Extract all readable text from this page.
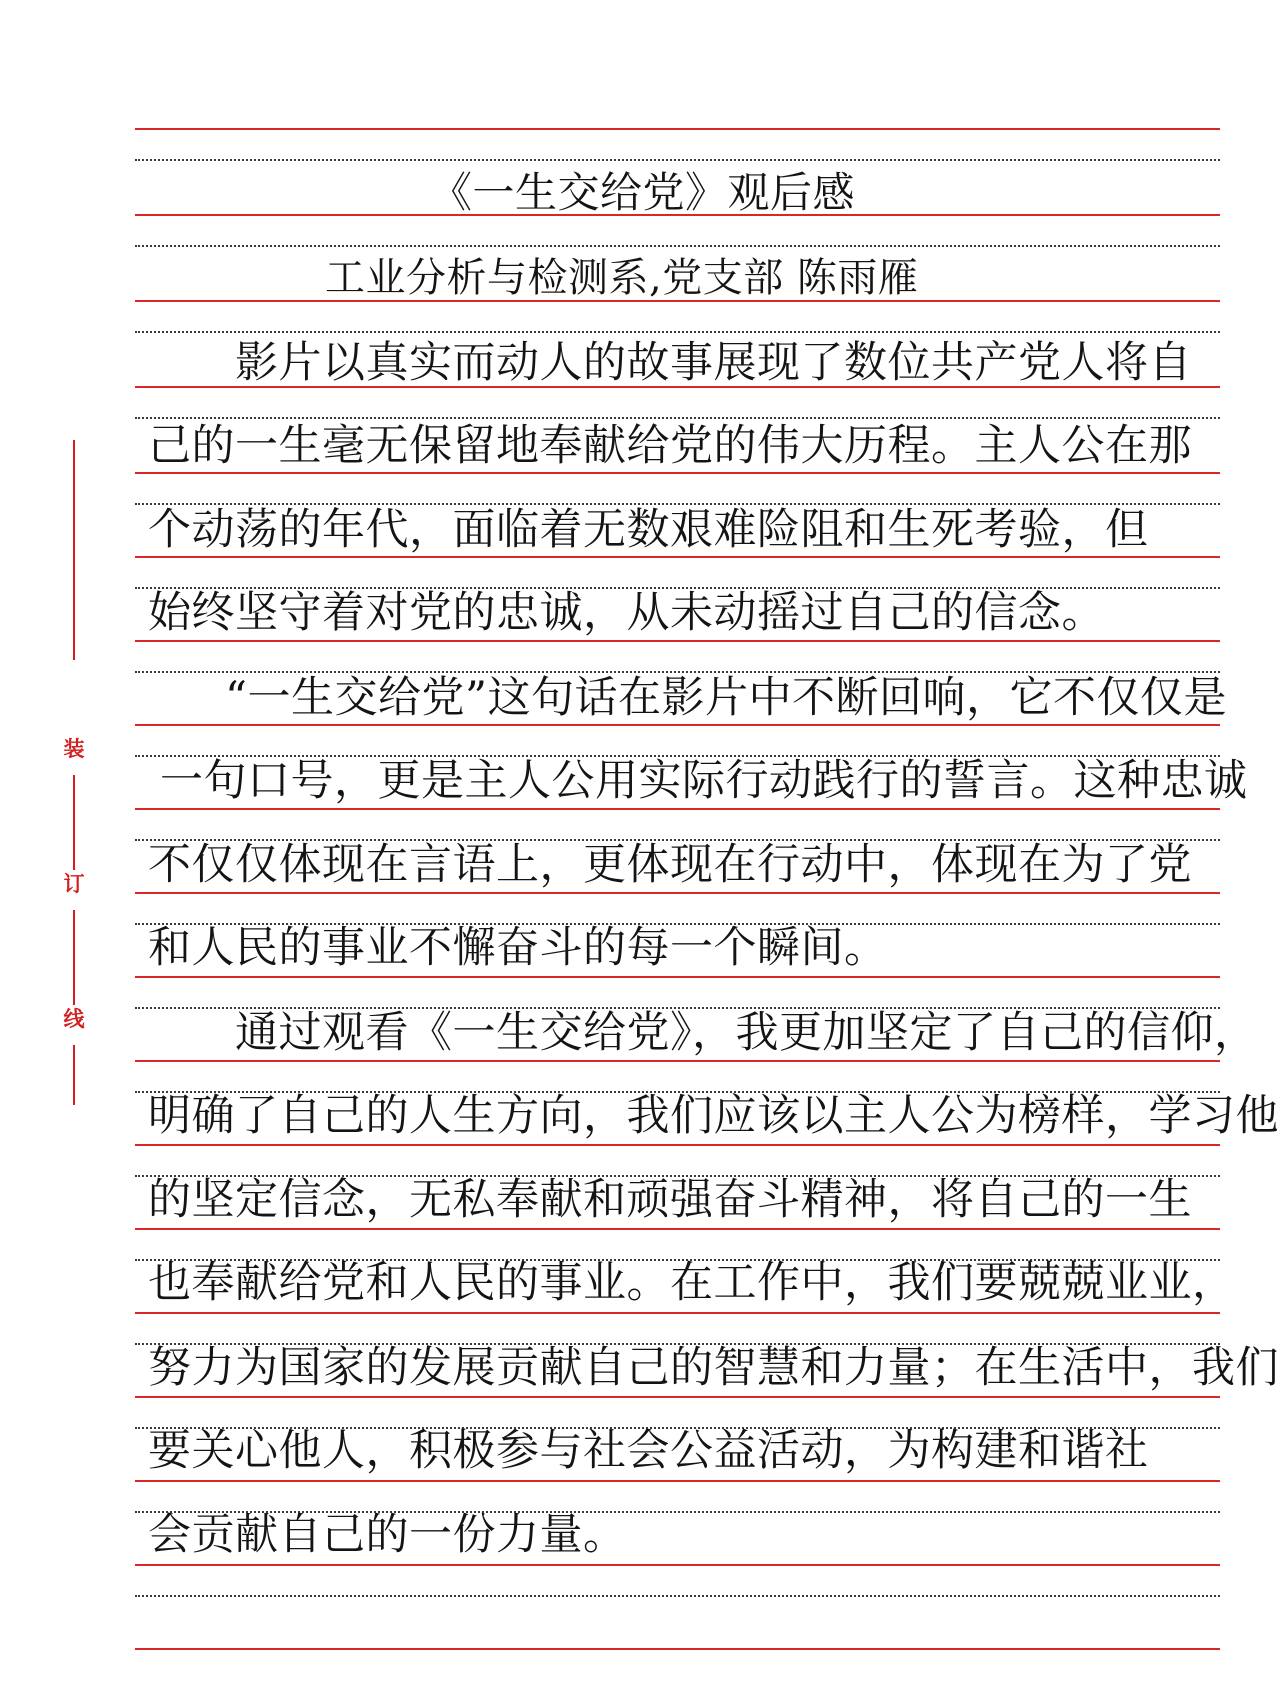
装
订
线
《一生交给党》观后感
工业分析与检测系,党支部 陈雨雁
影片以真实而动人的故事展现了数位共产党人将自
己的一生毫无保留地奉献给党的伟大历程。主人公在那
个动荡的年代，面临着无数艰难险阻和生死考验，但
始终坚守着对党的忠诚，从未动摇过自己的信念。
“一生交给党”这句话在影片中不断回响，它不仅仅是
一句口号，更是主人公用实际行动践行的誓言。这种忠诚
不仅仅体现在言语上，更体现在行动中，体现在为了党
和人民的事业不懈奋斗的每一个瞬间。
通过观看《一生交给党》，我更加坚定了自己的信仰，
明确了自己的人生方向，我们应该以主人公为榜样，学习他
的坚定信念，无私奉献和顽强奋斗精神，将自己的一生
也奉献给党和人民的事业。在工作中，我们要兢兢业业，
努力为国家的发展贡献自己的智慧和力量；在生活中，我们
要关心他人，积极参与社会公益活动，为构建和谐社
会贡献自己的一份力量。
